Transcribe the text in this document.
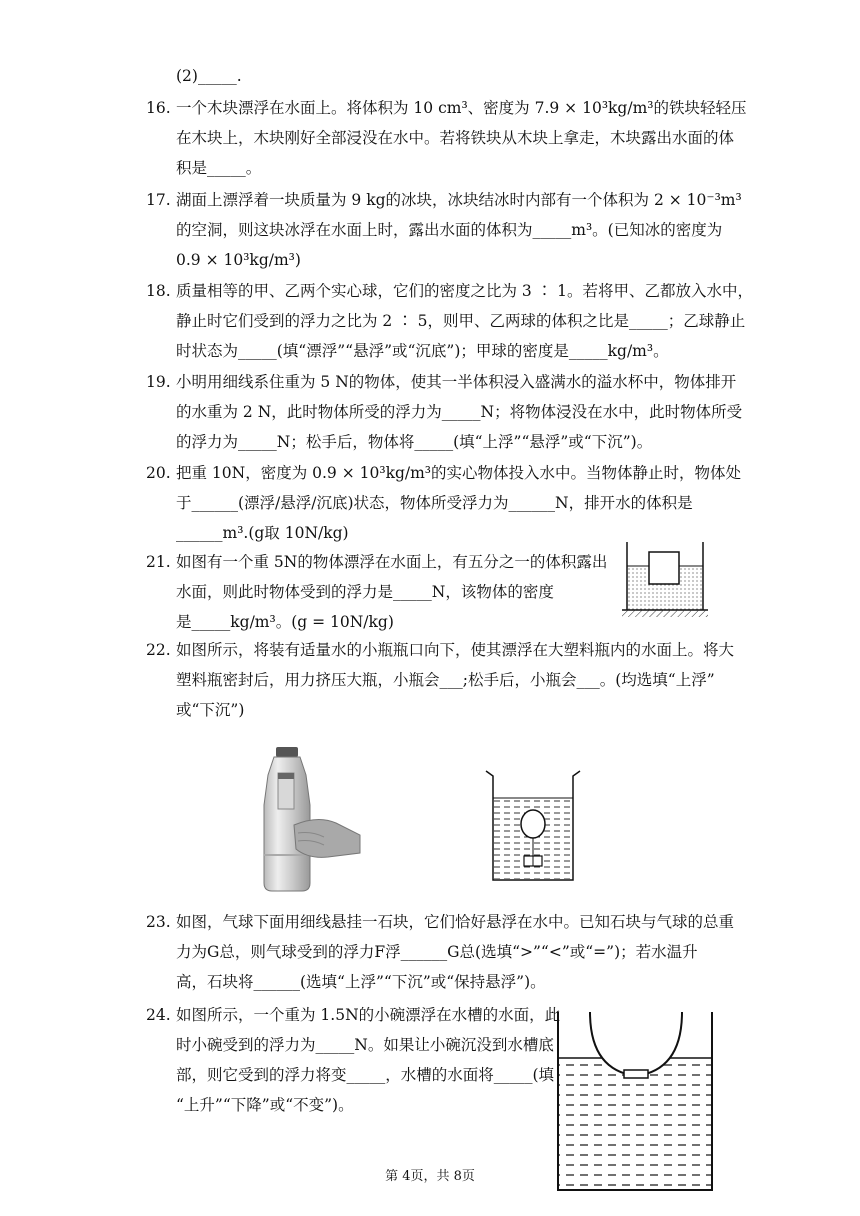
(2)_____.
16. 一个木块漂浮在水面上。将体积为 10 cm³、密度为 7.9 × 10³kg/m³的铁块轻轻压
在木块上，木块刚好全部浸没在水中。若将铁块从木块上拿走，木块露出水面的体
积是_____。
17. 湖面上漂浮着一块质量为 9 kg的冰块，冰块结冰时内部有一个体积为 2 × 10⁻³m³
的空洞，则这块冰浮在水面上时，露出水面的体积为_____m³。(已知冰的密度为
0.9 × 10³kg/m³)
18. 质量相等的甲、乙两个实心球，它们的密度之比为 3 ∶ 1。若将甲、乙都放入水中，
静止时它们受到的浮力之比为 2 ∶ 5，则甲、乙两球的体积之比是_____；乙球静止
时状态为_____(填“漂浮”“悬浮”或“沉底”)；甲球的密度是_____kg/m³。
19. 小明用细线系住重为 5 N的物体，使其一半体积浸入盛满水的溢水杯中，物体排开
的水重为 2 N，此时物体所受的浮力为_____N；将物体浸没在水中，此时物体所受
的浮力为_____N；松手后，物体将_____(填“上浮”“悬浮”或“下沉”)。
20. 把重 10N，密度为 0.9 × 10³kg/m³的实心物体投入水中。当物体静止时，物体处
于______(漂浮/悬浮/沉底)状态，物体所受浮力为______N，排开水的体积是
______m³.(g取 10N/kg)
21. 如图有一个重 5N的物体漂浮在水面上，有五分之一的体积露出
水面，则此时物体受到的浮力是_____N，该物体的密度
是_____kg/m³。(g = 10N/kg)
22. 如图所示，将装有适量水的小瓶瓶口向下，使其漂浮在大塑料瓶内的水面上。将大
塑料瓶密封后，用力挤压大瓶，小瓶会___;松手后，小瓶会___。(均选填“上浮”
或“下沉”)
23. 如图，气球下面用细线悬挂一石块，它们恰好悬浮在水中。已知石块与气球的总重
力为G总，则气球受到的浮力F浮______G总(选填“>”“<”或“=”)；若水温升
高，石块将______(选填“上浮”“下沉”或“保持悬浮”)。
24. 如图所示，一个重为 1.5N的小碗漂浮在水槽的水面，此
时小碗受到的浮力为_____N。如果让小碗沉没到水槽底
部，则它受到的浮力将变_____，水槽的水面将_____(填
“上升”“下降”或“不变”)。
第 4页，共 8页
